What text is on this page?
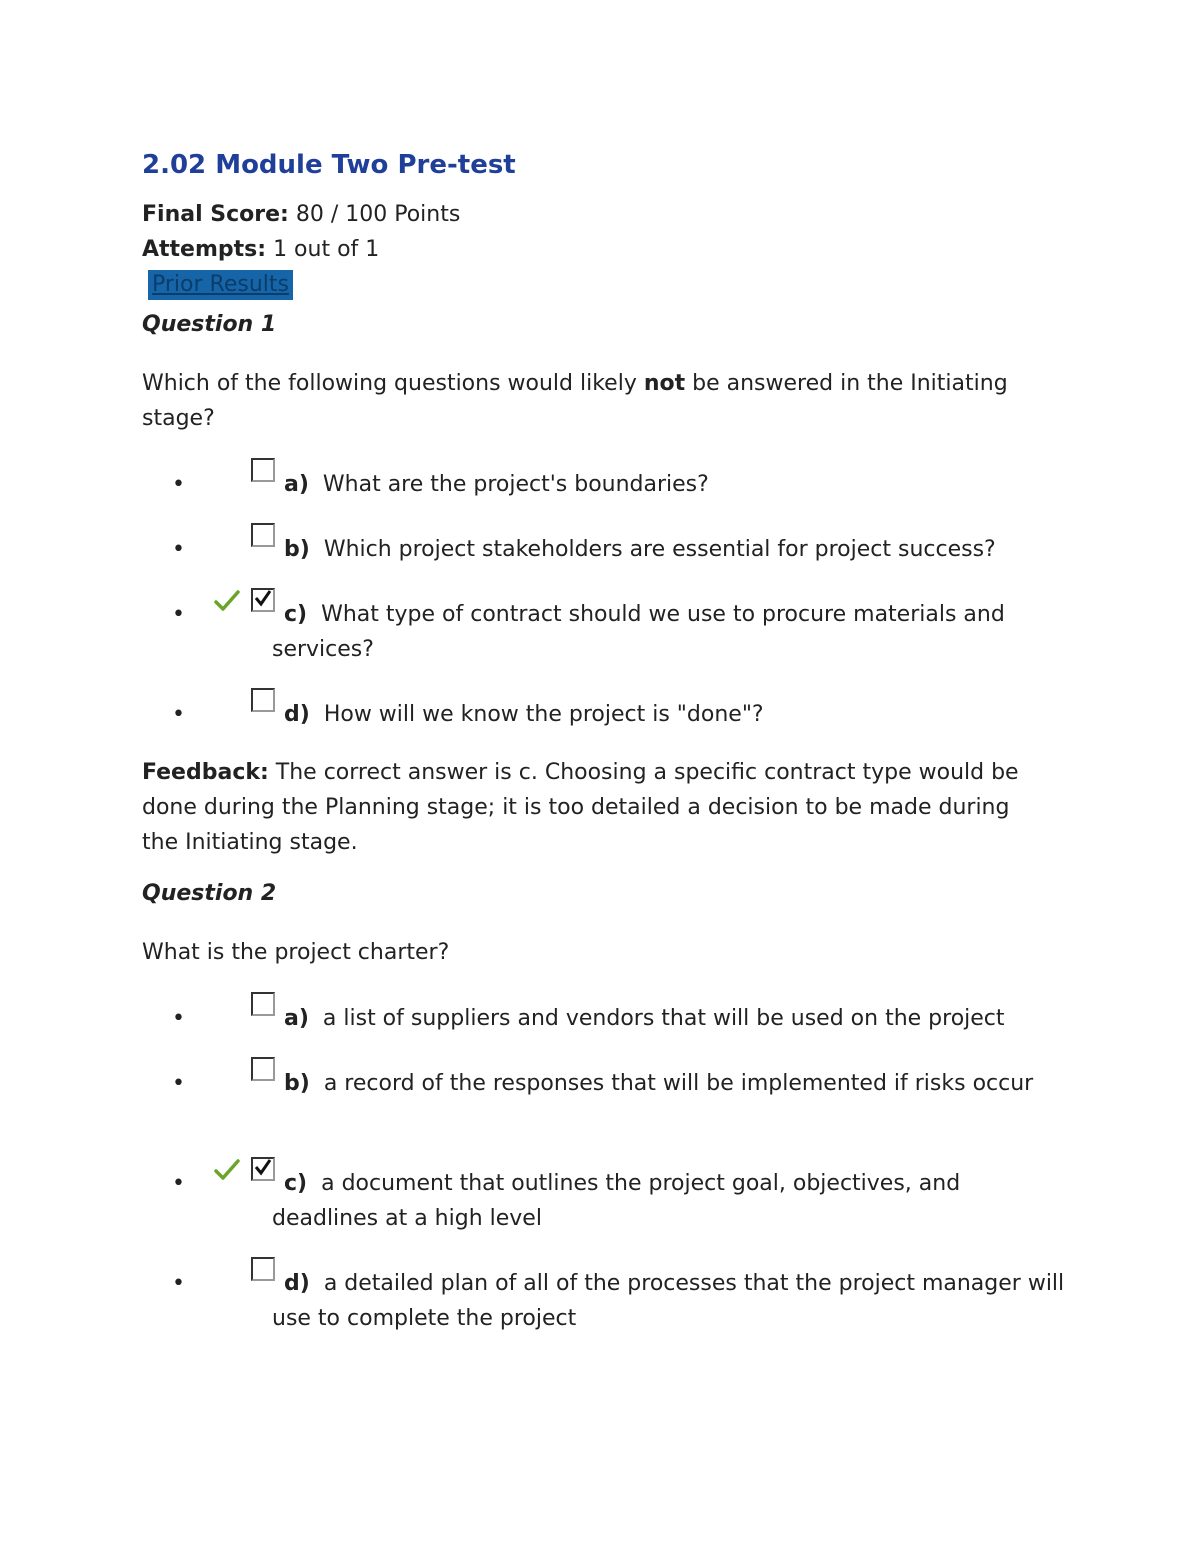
2.02 Module Two Pre-test
Final Score: 80 / 100 Points
Attempts: 1 out of 1
Prior Results
Question 1
Which of the following questions would likely not be answered in the Initiating stage?
•	a) What are the project's boundaries?
•	b) Which project stakeholders are essential for project success?
•	c) What type of contract should we use to procure materials and services?
•	d) How will we know the project is "done"?
Feedback: The correct answer is c. Choosing a specific contract type would be done during the Planning stage; it is too detailed a decision to be made during the Initiating stage.
Question 2
What is the project charter?
•	a) a list of suppliers and vendors that will be used on the project
•	b) a record of the responses that will be implemented if risks occur
•	c) a document that outlines the project goal, objectives, and deadlines at a high level
•	d) a detailed plan of all of the processes that the project manager will use to complete the project
